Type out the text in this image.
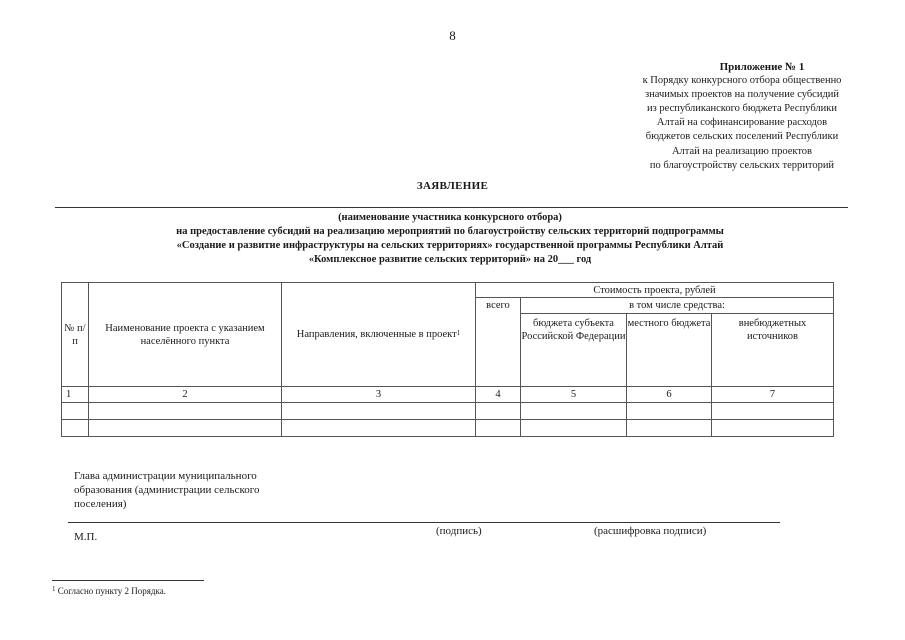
8
Приложение № 1
к Порядку конкурсного отбора общественно
значимых проектов на получение субсидий
из республиканского бюджета Республики
Алтай на софинансирование расходов
бюджетов сельских поселений Республики
Алтай на реализацию проектов
по благоустройству сельских территорий
ЗАЯВЛЕНИЕ
(наименование участника конкурсного отбора)
на предоставление субсидий на реализацию мероприятий по благоустройству сельских территорий подпрограммы
«Создание и развитие инфраструктуры на сельских территориях» государственной программы Республики Алтай
«Комплексное развитие сельских территорий» на 20___ год
№ п/п	Наименование проекта с указанием населённого пункта	Направления, включенные в проект$^1$	Стоимость проекта, рублей			
			всего	в том числе средства:		
				бюджета субъекта Российской Федерации	местного бюджета	внебюджетных источников
1	2	3	4	5	6	7

Глава администрации муниципального образования (администрации сельского поселения)
(подпись)	(расшифровка подписи)
М.П.
$^1$ Согласно пункту 2 Порядка.
